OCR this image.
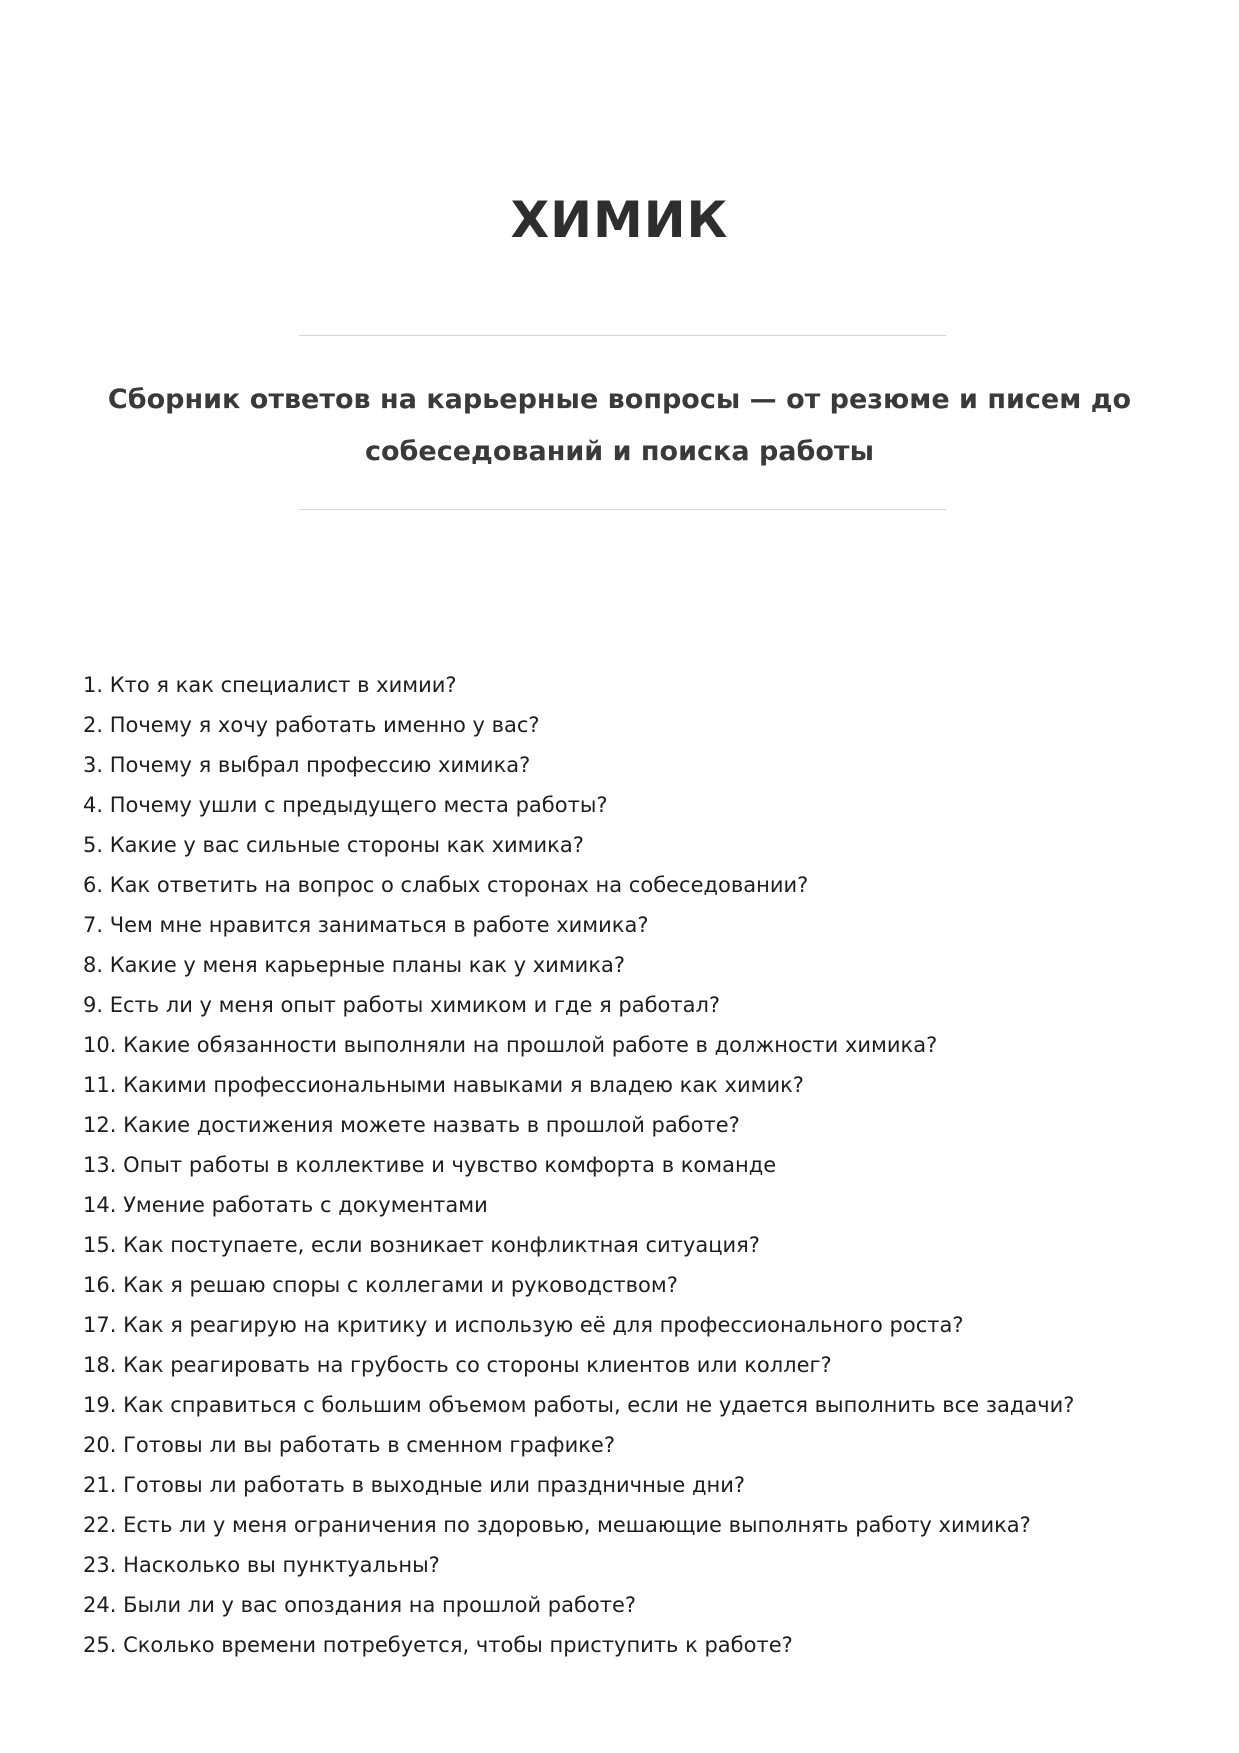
ХИМИК
Сборник ответов на карьерные вопросы — от резюме и писем до
собеседований и поиска работы
1. Кто я как специалист в химии?
2. Почему я хочу работать именно у вас?
3. Почему я выбрал профессию химика?
4. Почему ушли с предыдущего места работы?
5. Какие у вас сильные стороны как химика?
6. Как ответить на вопрос о слабых сторонах на собеседовании?
7. Чем мне нравится заниматься в работе химика?
8. Какие у меня карьерные планы как у химика?
9. Есть ли у меня опыт работы химиком и где я работал?
10. Какие обязанности выполняли на прошлой работе в должности химика?
11. Какими профессиональными навыками я владею как химик?
12. Какие достижения можете назвать в прошлой работе?
13. Опыт работы в коллективе и чувство комфорта в команде
14. Умение работать с документами
15. Как поступаете, если возникает конфликтная ситуация?
16. Как я решаю споры с коллегами и руководством?
17. Как я реагирую на критику и использую её для профессионального роста?
18. Как реагировать на грубость со стороны клиентов или коллег?
19. Как справиться с большим объемом работы, если не удается выполнить все задачи?
20. Готовы ли вы работать в сменном графике?
21. Готовы ли работать в выходные или праздничные дни?
22. Есть ли у меня ограничения по здоровью, мешающие выполнять работу химика?
23. Насколько вы пунктуальны?
24. Были ли у вас опоздания на прошлой работе?
25. Сколько времени потребуется, чтобы приступить к работе?
